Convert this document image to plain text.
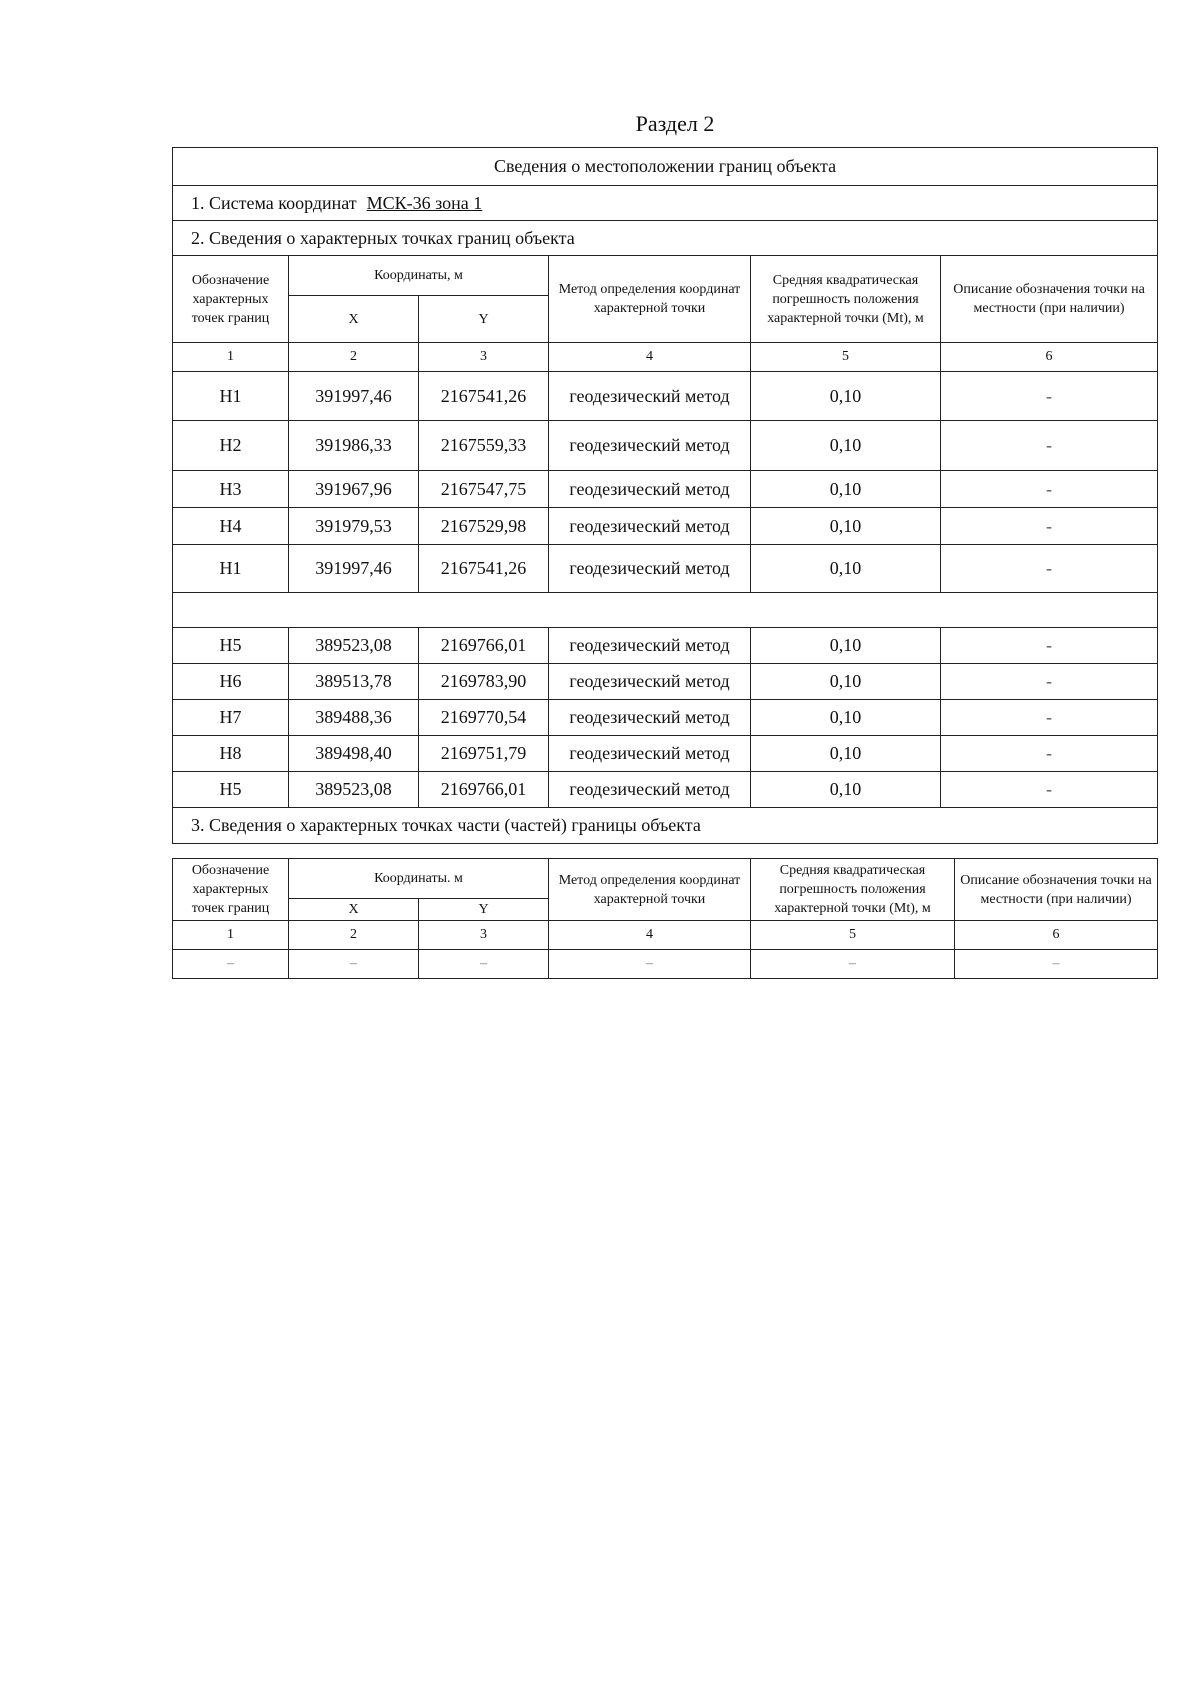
Раздел 2
Сведения о местоположении границ объекта					
1. Система координат МСК-36 зона 1					
2. Сведения о характерных точках границ объекта					
Обозначение характерных точек границ	Координаты, м		Метод определения координат характерной точки	Средняя квадратическая погрешность положения характерной точки (Mt), м	Описание обозначения точки на местности (при наличии)
	X	Y			
1	2	3	4	5	6
Н1	391997,46	2167541,26	геодезический метод	0,10	-
Н2	391986,33	2167559,33	геодезический метод	0,10	-
Н3	391967,96	2167547,75	геодезический метод	0,10	-
Н4	391979,53	2167529,98	геодезический метод	0,10	-
Н1	391997,46	2167541,26	геодезический метод	0,10	-

Н5	389523,08	2169766,01	геодезический метод	0,10	-
Н6	389513,78	2169783,90	геодезический метод	0,10	-
Н7	389488,36	2169770,54	геодезический метод	0,10	-
Н8	389498,40	2169751,79	геодезический метод	0,10	-
Н5	389523,08	2169766,01	геодезический метод	0,10	-
3. Сведения о характерных точках части (частей) границы объекта					
Обозначение характерных точек границ	Координаты. м		Метод определения координат характерной точки	Средняя квадратическая погрешность положения характерной точки (Mt), м	Описание обозначения точки на местности (при наличии)
	X	Y			
1	2	3	4	5	6
–	–	–	–	–	–
